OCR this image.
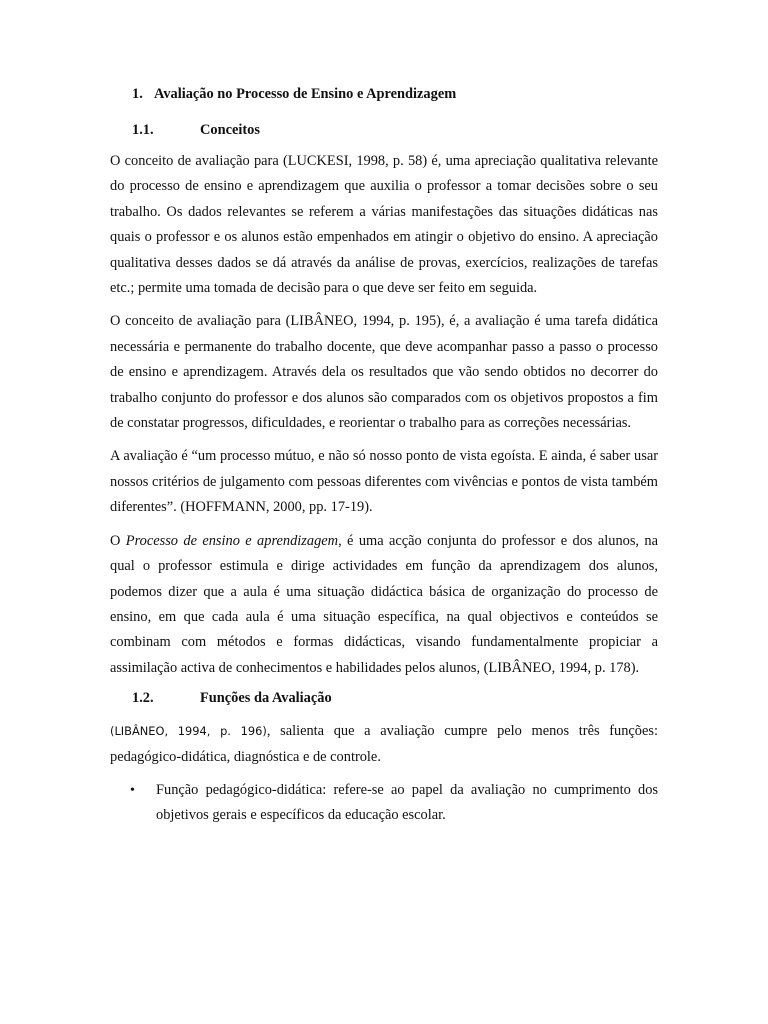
1. Avaliação no Processo de Ensino e Aprendizagem
1.1.	Conceitos

O conceito de avaliação para (LUCKESI, 1998, p. 58) é, uma apreciação qualitativa relevante do processo de ensino e aprendizagem que auxilia o professor a tomar decisões sobre o seu trabalho. Os dados relevantes se referem a várias manifestações das situações didáticas nas quais o professor e os alunos estão empenhados em atingir o objetivo do ensino. A apreciação qualitativa desses dados se dá através da análise de provas, exercícios, realizações de tarefas etc.; permite uma tomada de decisão para o que deve ser feito em seguida.

O conceito de avaliação para (LIBÂNEO, 1994, p. 195), é, a avaliação é uma tarefa didática necessária e permanente do trabalho docente, que deve acompanhar passo a passo o processo de ensino e aprendizagem. Através dela os resultados que vão sendo obtidos no decorrer do trabalho conjunto do professor e dos alunos são comparados com os objetivos propostos a fim de constatar progressos, dificuldades, e reorientar o trabalho para as correções necessárias.

A avaliação é “um processo mútuo, e não só nosso ponto de vista egoísta. E ainda, é saber usar nossos critérios de julgamento com pessoas diferentes com vivências e pontos de vista também diferentes”. (HOFFMANN, 2000, pp. 17-19).

O Processo de ensino e aprendizagem, é uma acção conjunta do professor e dos alunos, na qual o professor estimula e dirige actividades em função da aprendizagem dos alunos, podemos dizer que a aula é uma situação didáctica básica de organização do processo de ensino, em que cada aula é uma situação específica, na qual objectivos e conteúdos se combinam com métodos e formas didácticas, visando fundamentalmente propiciar a assimilação activa de conhecimentos e habilidades pelos alunos, (LIBÂNEO, 1994, p. 178).

1.2.	Funções da Avaliação

(LIBÂNEO, 1994, p. 196), salienta que a avaliação cumpre pelo menos três funções: pedagógico-didática, diagnóstica e de controle.

• Função pedagógico-didática: refere-se ao papel da avaliação no cumprimento dos objetivos gerais e específicos da educação escolar.
